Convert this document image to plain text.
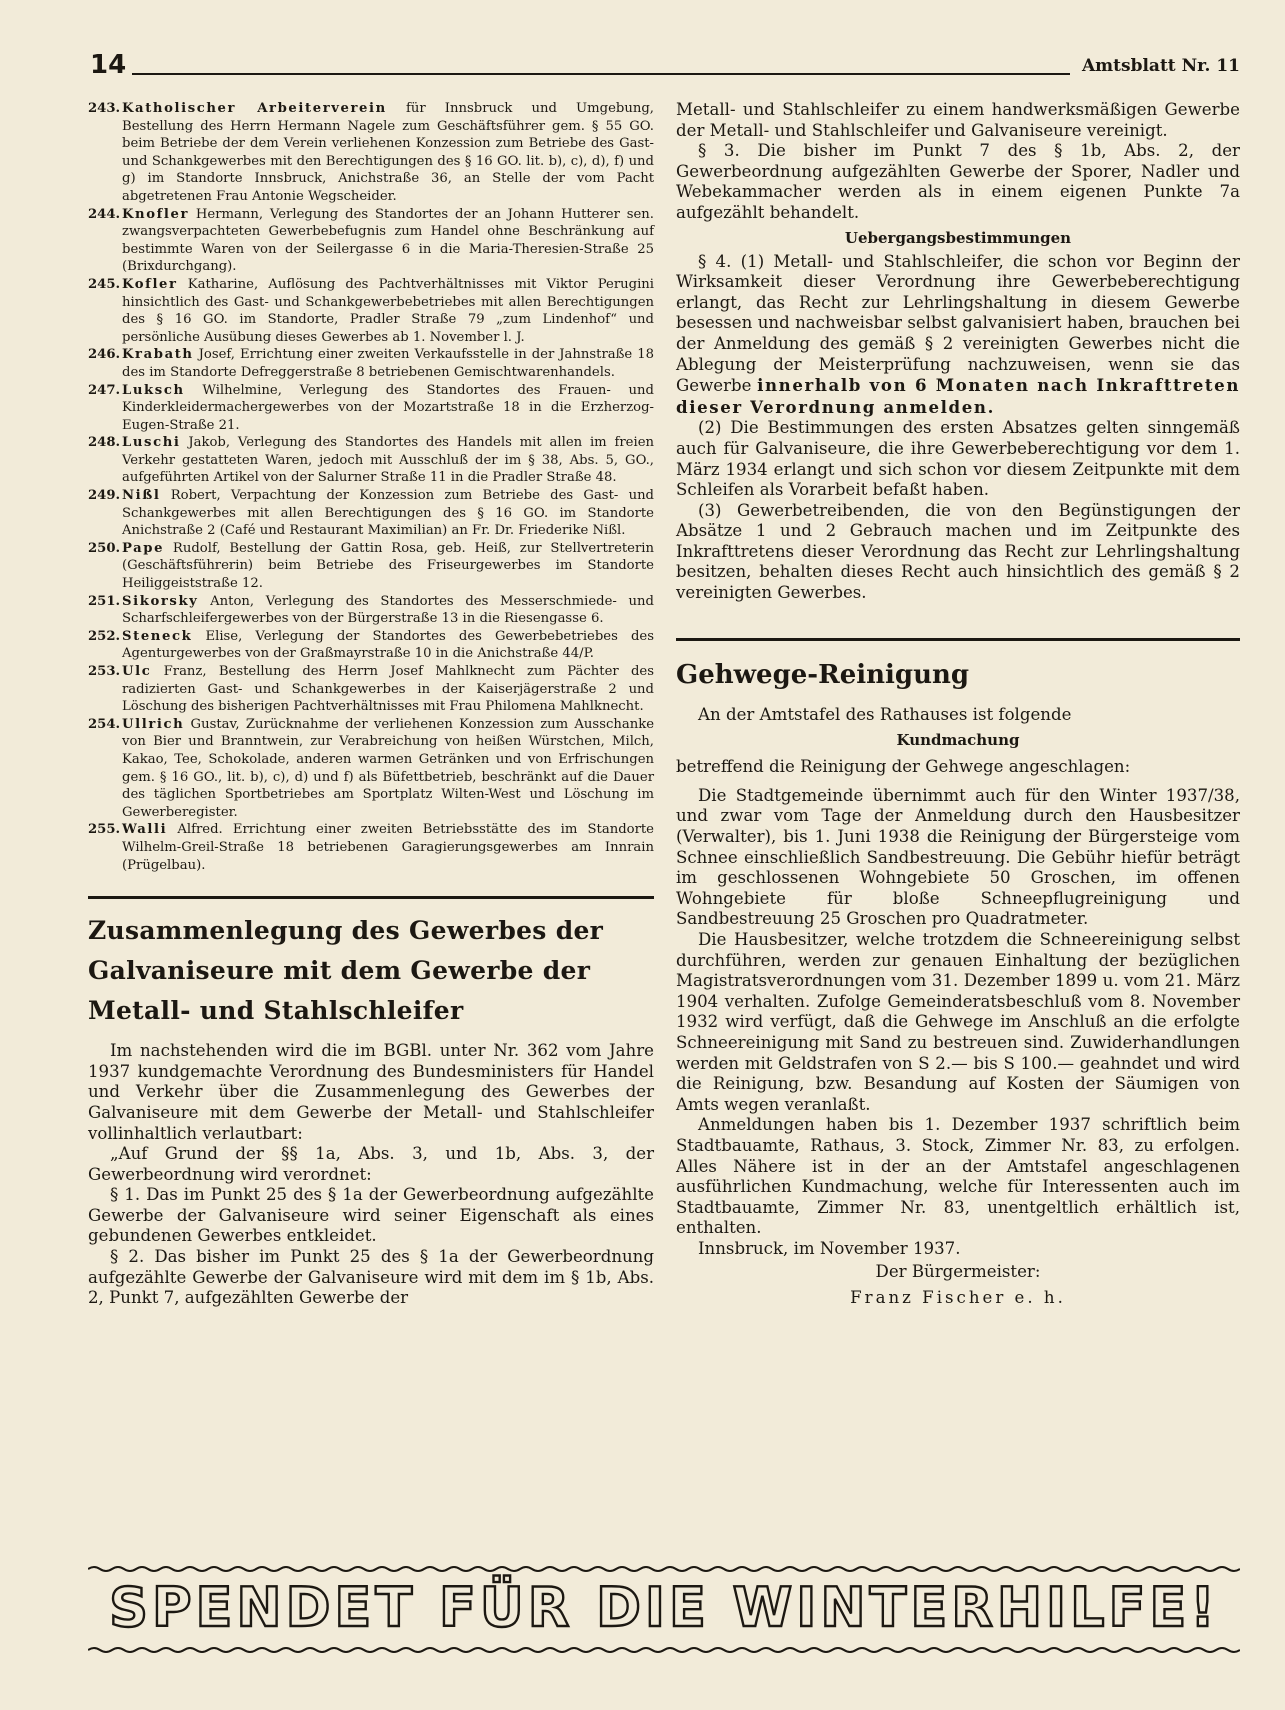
14	Amtsblatt Nr. 11
243. Katholischer Arbeiterverein für Innsbruck und Umgebung, Bestellung des Herrn Hermann Nagele zum Geschäftsführer gem. § 55 GO. beim Betriebe der dem Verein verliehenen Konzession zum Betriebe des Gast- und Schankgewerbes mit den Berechtigungen des § 16 GO. lit. b), c), d), f) und g) im Standorte Innsbruck, Anichstraße 36, an Stelle der vom Pacht abgetretenen Frau Antonie Wegscheider.
244. Knofler Hermann, Verlegung des Standortes der an Johann Hutterer sen. zwangsverpachteten Gewerbebefugnis zum Handel ohne Beschränkung auf bestimmte Waren von der Seilergasse 6 in die Maria-Theresien-Straße 25 (Brixdurchgang).
245. Kofler Katharine, Auflösung des Pachtverhältnisses mit Viktor Perugini hinsichtlich des Gast- und Schankgewerbebetriebes mit allen Berechtigungen des § 16 GO. im Standorte, Pradler Straße 79 „zum Lindenhof“ und persönliche Ausübung dieses Gewerbes ab 1. November l. J.
246. Krabath Josef, Errichtung einer zweiten Verkaufsstelle in der Jahnstraße 18 des im Standorte Defreggerstraße 8 betriebenen Gemischtwarenhandels.
247. Luksch Wilhelmine, Verlegung des Standortes des Frauen- und Kinderkleidermachergewerbes von der Mozartstraße 18 in die Erzherzog-Eugen-Straße 21.
248. Luschi Jakob, Verlegung des Standortes des Handels mit allen im freien Verkehr gestatteten Waren, jedoch mit Ausschluß der im § 38, Abs. 5, GO., aufgeführten Artikel von der Salurner Straße 11 in die Pradler Straße 48.
249. Nißl Robert, Verpachtung der Konzession zum Betriebe des Gast- und Schankgewerbes mit allen Berechtigungen des § 16 GO. im Standorte Anichstraße 2 (Café und Restaurant Maximilian) an Fr. Dr. Friederike Nißl.
250. Pape Rudolf, Bestellung der Gattin Rosa, geb. Heiß, zur Stellvertreterin (Geschäftsführerin) beim Betriebe des Friseurgewerbes im Standorte Heiliggeiststraße 12.
251. Sikorsky Anton, Verlegung des Standortes des Messerschmiede- und Scharfschleifergewerbes von der Bürgerstraße 13 in die Riesengasse 6.
252. Steneck Elise, Verlegung der Standortes des Gewerbebetriebes des Agenturgewerbes von der Graßmayrstraße 10 in die Anichstraße 44/P.
253. Ulc Franz, Bestellung des Herrn Josef Mahlknecht zum Pächter des radizierten Gast- und Schankgewerbes in der Kaiserjägerstraße 2 und Löschung des bisherigen Pachtverhältnisses mit Frau Philomena Mahlknecht.
254. Ullrich Gustav, Zurücknahme der verliehenen Konzession zum Ausschanke von Bier und Branntwein, zur Verabreichung von heißen Würstchen, Milch, Kakao, Tee, Schokolade, anderen warmen Getränken und von Erfrischungen gem. § 16 GO., lit. b), c), d) und f) als Büfettbetrieb, beschränkt auf die Dauer des täglichen Sportbetriebes am Sportplatz Wilten-West und Löschung im Gewerberegister.
255. Walli Alfred. Errichtung einer zweiten Betriebsstätte des im Standorte Wilhelm-Greil-Straße 18 betriebenen Garagierungsgewerbes am Innrain (Prügelbau).
Zusammenlegung des Gewerbes der Galvaniseure mit dem Gewerbe der Metall- und Stahlschleifer

Im nachstehenden wird die im BGBl. unter Nr. 362 vom Jahre 1937 kundgemachte Verordnung des Bundesministers für Handel und Verkehr über die Zusammenlegung des Gewerbes der Galvaniseure mit dem Gewerbe der Metall- und Stahlschleifer vollinhaltlich verlautbart:

„Auf Grund der §§ 1a, Abs. 3, und 1b, Abs. 3, der Gewerbeordnung wird verordnet:

§ 1. Das im Punkt 25 des § 1a der Gewerbeordnung aufgezählte Gewerbe der Galvaniseure wird seiner Eigenschaft als eines gebundenen Gewerbes entkleidet.

§ 2. Das bisher im Punkt 25 des § 1a der Gewerbeordnung aufgezählte Gewerbe der Galvaniseure wird mit dem im § 1b, Abs. 2, Punkt 7, aufgezählten Gewerbe der

Metall- und Stahlschleifer zu einem handwerksmäßigen Gewerbe der Metall- und Stahlschleifer und Galvaniseure vereinigt.

§ 3. Die bisher im Punkt 7 des § 1b, Abs. 2, der Gewerbeordnung aufgezählten Gewerbe der Sporer, Nadler und Webekammacher werden als in einem eigenen Punkte 7a aufgezählt behandelt.

Uebergangsbestimmungen

§ 4. (1) Metall- und Stahlschleifer, die schon vor Beginn der Wirksamkeit dieser Verordnung ihre Gewerbeberechtigung erlangt, das Recht zur Lehrlingshaltung in diesem Gewerbe besessen und nachweisbar selbst galvanisiert haben, brauchen bei der Anmeldung des gemäß § 2 vereinigten Gewerbes nicht die Ablegung der Meisterprüfung nachzuweisen, wenn sie das Gewerbe innerhalb von 6 Monaten nach Inkrafttreten dieser Verordnung anmelden.

(2) Die Bestimmungen des ersten Absatzes gelten sinngemäß auch für Galvaniseure, die ihre Gewerbeberechtigung vor dem 1. März 1934 erlangt und sich schon vor diesem Zeitpunkte mit dem Schleifen als Vorarbeit befaßt haben.

(3) Gewerbetreibenden, die von den Begünstigungen der Absätze 1 und 2 Gebrauch machen und im Zeitpunkte des Inkrafttretens dieser Verordnung das Recht zur Lehrlingshaltung besitzen, behalten dieses Recht auch hinsichtlich des gemäß § 2 vereinigten Gewerbes.

Gehwege-Reinigung

An der Amtstafel des Rathauses ist folgende

Kundmachung

betreffend die Reinigung der Gehwege angeschlagen:

Die Stadtgemeinde übernimmt auch für den Winter 1937/38, und zwar vom Tage der Anmeldung durch den Hausbesitzer (Verwalter), bis 1. Juni 1938 die Reinigung der Bürgersteige vom Schnee einschließlich Sandbestreuung. Die Gebühr hiefür beträgt im geschlossenen Wohngebiete 50 Groschen, im offenen Wohngebiete für bloße Schneepflugreinigung und Sandbestreuung 25 Groschen pro Quadratmeter.

Die Hausbesitzer, welche trotzdem die Schneereinigung selbst durchführen, werden zur genauen Einhaltung der bezüglichen Magistratsverordnungen vom 31. Dezember 1899 u. vom 21. März 1904 verhalten. Zufolge Gemeinderatsbeschluß vom 8. November 1932 wird verfügt, daß die Gehwege im Anschluß an die erfolgte Schneereinigung mit Sand zu bestreuen sind. Zuwiderhandlungen werden mit Geldstrafen von S 2.— bis S 100.— geahndet und wird die Reinigung, bzw. Besandung auf Kosten der Säumigen von Amts wegen veranlaßt.

Anmeldungen haben bis 1. Dezember 1937 schriftlich beim Stadtbauamte, Rathaus, 3. Stock, Zimmer Nr. 83, zu erfolgen. Alles Nähere ist in der an der Amtstafel angeschlagenen ausführlichen Kundmachung, welche für Interessenten auch im Stadtbauamte, Zimmer Nr. 83, unentgeltlich erhältlich ist, enthalten.

Innsbruck, im November 1937.

Der Bürgermeister:
Franz Fischer e. h.
SPENDET FÜR DIE WINTERHILFE!
